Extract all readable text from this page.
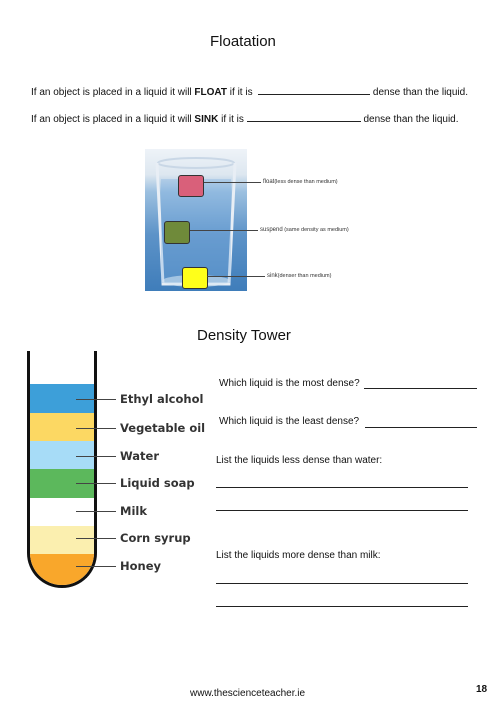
Floatation
If an object is placed in a liquid it will FLOAT if it is	dense than the liquid.
If an object is placed in a liquid it will SINK if it is	dense than the liquid.
float(less dense than medium)
suspend (same density as medium)
sink(denser than medium)
Density Tower
Ethyl alcohol
Vegetable oil
Water
Liquid soap
Milk
Corn syrup
Honey
Which liquid is the most dense?
Which liquid is the least dense?
List the liquids less dense than water:
List the liquids more dense than milk:
www.thescienceteacher.ie	18
